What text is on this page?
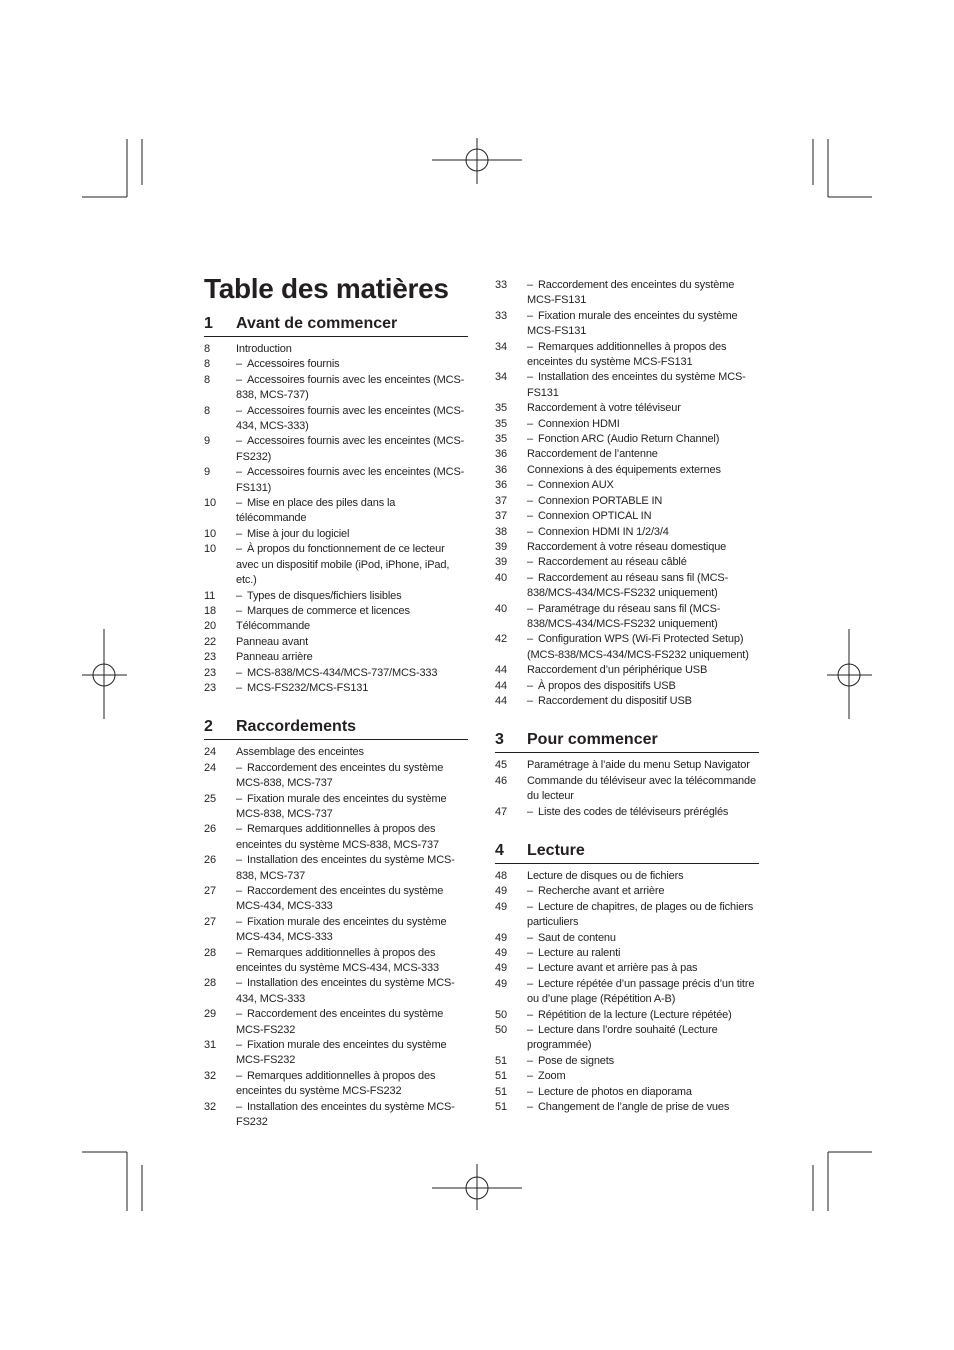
Table des matières
1	Avant de commencer
8	Introduction
8	– Accessoires fournis
8	– Accessoires fournis avec les enceintes (MCS-838, MCS-737)
8	– Accessoires fournis avec les enceintes (MCS-434, MCS-333)
9	– Accessoires fournis avec les enceintes (MCS-FS232)
9	– Accessoires fournis avec les enceintes (MCS-FS131)
10	– Mise en place des piles dans la télécommande
10	– Mise à jour du logiciel
10	– À propos du fonctionnement de ce lecteur avec un dispositif mobile (iPod, iPhone, iPad, etc.)
11	– Types de disques/fichiers lisibles
18	– Marques de commerce et licences
20	Télécommande
22	Panneau avant
23	Panneau arrière
23	– MCS-838/MCS-434/MCS-737/MCS-333
23	– MCS-FS232/MCS-FS131
2	Raccordements
24	Assemblage des enceintes
24	– Raccordement des enceintes du système MCS-838, MCS-737
25	– Fixation murale des enceintes du système MCS-838, MCS-737
26	– Remarques additionnelles à propos des enceintes du système MCS-838, MCS-737
26	– Installation des enceintes du système MCS-838, MCS-737
27	– Raccordement des enceintes du système MCS-434, MCS-333
27	– Fixation murale des enceintes du système MCS-434, MCS-333
28	– Remarques additionnelles à propos des enceintes du système MCS-434, MCS-333
28	– Installation des enceintes du système MCS-434, MCS-333
29	– Raccordement des enceintes du système MCS-FS232
31	– Fixation murale des enceintes du système MCS-FS232
32	– Remarques additionnelles à propos des enceintes du système MCS-FS232
32	– Installation des enceintes du système MCS-FS232
33	– Raccordement des enceintes du système MCS-FS131
33	– Fixation murale des enceintes du système MCS-FS131
34	– Remarques additionnelles à propos des enceintes du système MCS-FS131
34	– Installation des enceintes du système MCS-FS131
35	Raccordement à votre téléviseur
35	– Connexion HDMI
35	– Fonction ARC (Audio Return Channel)
36	Raccordement de l’antenne
36	Connexions à des équipements externes
36	– Connexion AUX
37	– Connexion PORTABLE IN
37	– Connexion OPTICAL IN
38	– Connexion HDMI IN 1/2/3/4
39	Raccordement à votre réseau domestique
39	– Raccordement au réseau câblé
40	– Raccordement au réseau sans fil (MCS-838/MCS-434/MCS-FS232 uniquement)
40	– Paramétrage du réseau sans fil (MCS-838/MCS-434/MCS-FS232 uniquement)
42	– Configuration WPS (Wi-Fi Protected Setup) (MCS-838/MCS-434/MCS-FS232 uniquement)
44	Raccordement d’un périphérique USB
44	– À propos des dispositifs USB
44	– Raccordement du dispositif USB
3	Pour commencer
45	Paramétrage à l’aide du menu Setup Navigator
46	Commande du téléviseur avec la télécommande du lecteur
47	– Liste des codes de téléviseurs préréglés
4	Lecture
48	Lecture de disques ou de fichiers
49	– Recherche avant et arrière
49	– Lecture de chapitres, de plages ou de fichiers particuliers
49	– Saut de contenu
49	– Lecture au ralenti
49	– Lecture avant et arrière pas à pas
49	– Lecture répétée d’un passage précis d’un titre ou d’une plage (Répétition A-B)
50	– Répétition de la lecture (Lecture répétée)
50	– Lecture dans l’ordre souhaité (Lecture programmée)
51	– Pose de signets
51	– Zoom
51	– Lecture de photos en diaporama
51	– Changement de l’angle de prise de vues
